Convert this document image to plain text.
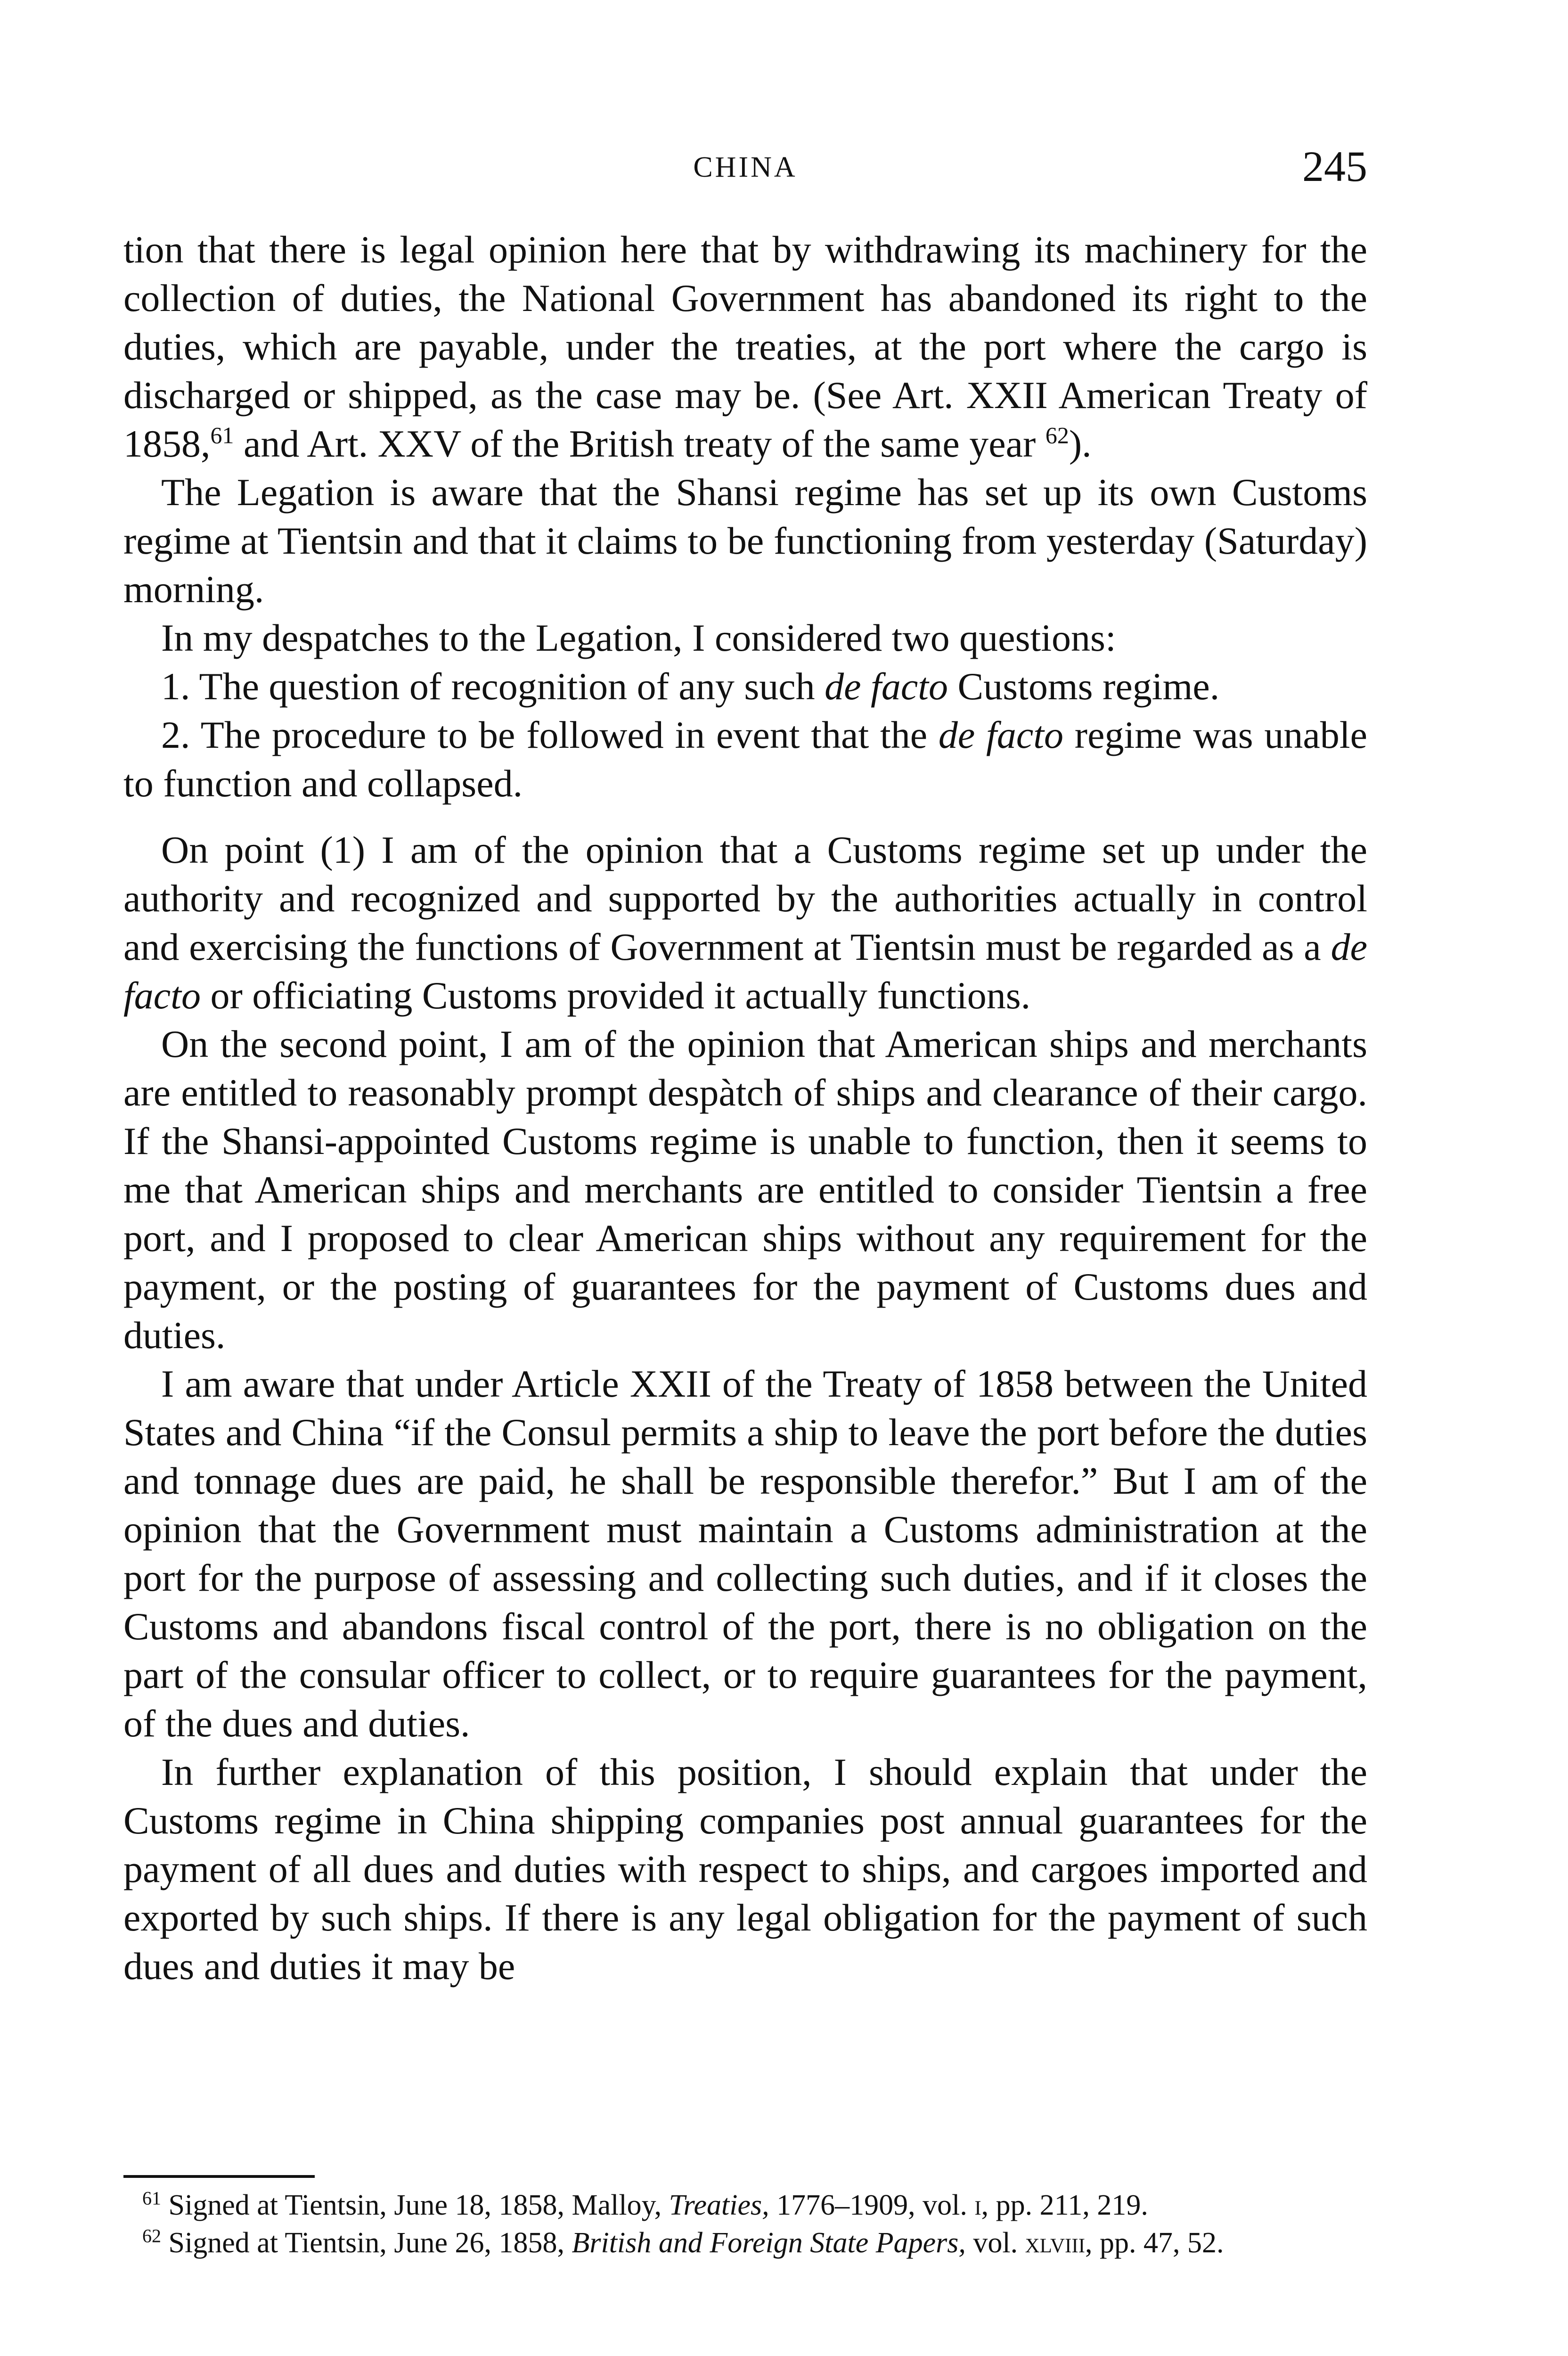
CHINA	245

tion that there is legal opinion here that by withdrawing its machinery for the collection of duties, the National Government has abandoned its right to the duties, which are payable, under the treaties, at the port where the cargo is discharged or shipped, as the case may be. (See Art. XXII American Treaty of 1858,61 and Art. XXV of the British treaty of the same year $^{62}$).

The Legation is aware that the Shansi regime has set up its own Customs regime at Tientsin and that it claims to be functioning from yesterday (Saturday) morning.

In my despatches to the Legation, I considered two questions:

1. The question of recognition of any such de facto Customs regime.

2. The procedure to be followed in event that the de facto regime was unable to function and collapsed.

On point (1) I am of the opinion that a Customs regime set up under the authority and recognized and supported by the authorities actually in control and exercising the functions of Government at Tientsin must be regarded as a de facto or officiating Customs provided it actually functions.

On the second point, I am of the opinion that American ships and merchants are entitled to reasonably prompt despàtch of ships and clearance of their cargo. If the Shansi-appointed Customs regime is unable to function, then it seems to me that American ships and merchants are entitled to consider Tientsin a free port, and I proposed to clear American ships without any requirement for the payment, or the posting of guarantees for the payment of Customs dues and duties.

I am aware that under Article XXII of the Treaty of 1858 between the United States and China “if the Consul permits a ship to leave the port before the duties and tonnage dues are paid, he shall be responsible therefor.” But I am of the opinion that the Government must maintain a Customs administration at the port for the purpose of assessing and collecting such duties, and if it closes the Customs and abandons fiscal control of the port, there is no obligation on the part of the consular officer to collect, or to require guarantees for the payment, of the dues and duties.

In further explanation of this position, I should explain that under the Customs regime in China shipping companies post annual guarantees for the payment of all dues and duties with respect to ships, and cargoes imported and exported by such ships. If there is any legal obligation for the payment of such dues and duties it may be

$^{61}$ Signed at Tientsin, June 18, 1858, Malloy, Treaties, 1776–1909, vol. i, pp. 211, 219.

$^{62}$ Signed at Tientsin, June 26, 1858, British and Foreign State Papers, vol. xlviii, pp. 47, 52.
